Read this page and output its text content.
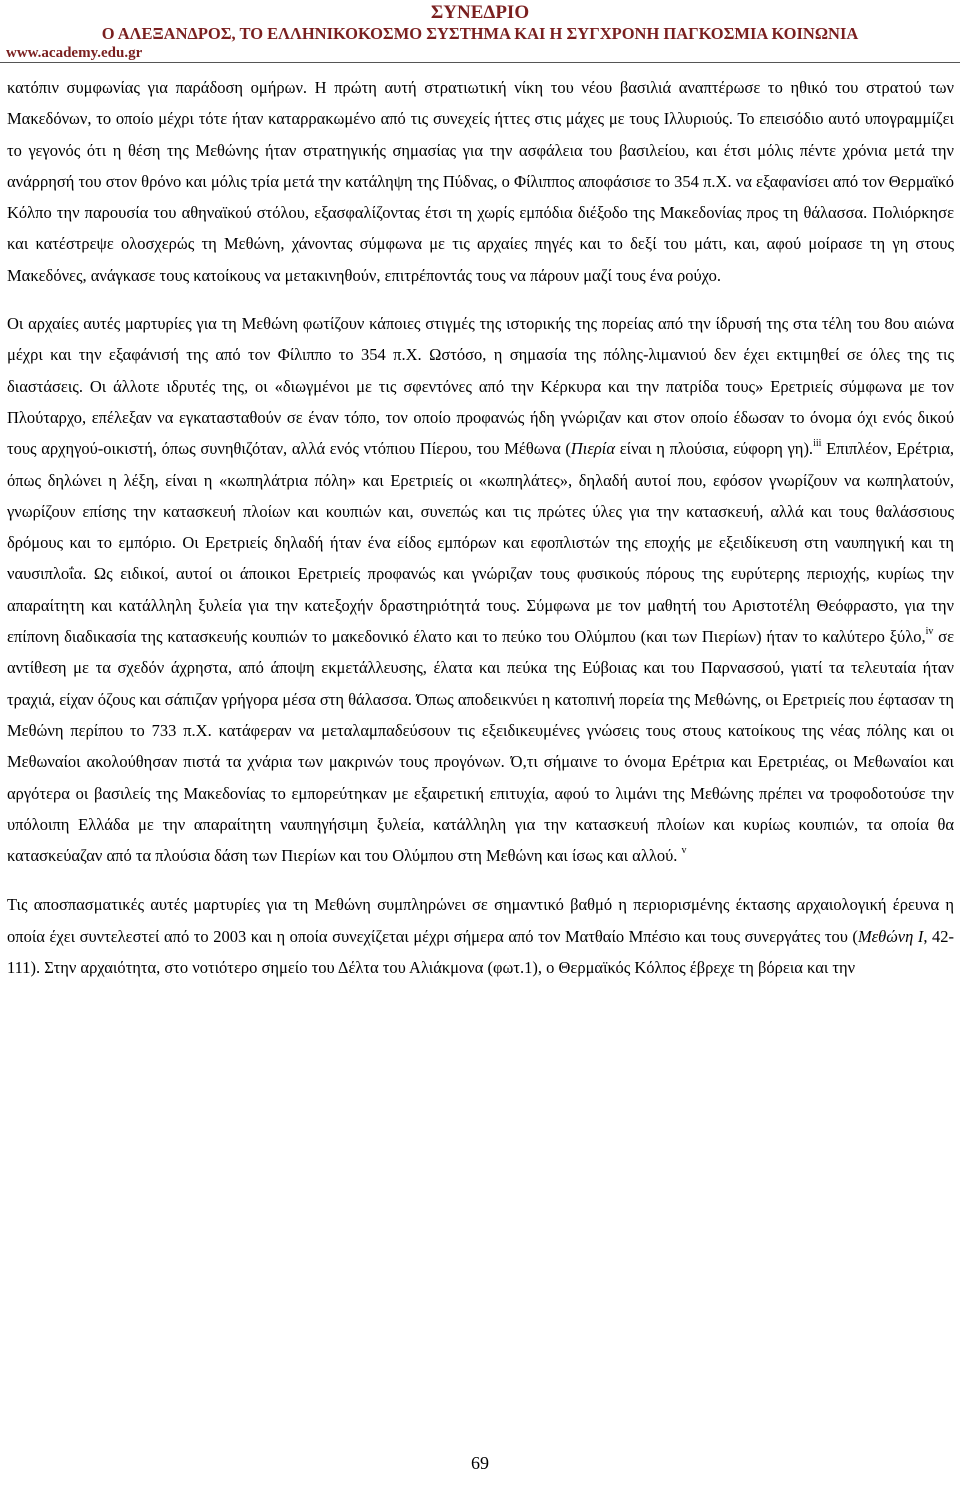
ΣΥΝΕΔΡΙΟ
Ο ΑΛΕΞΑΝΔΡΟΣ, ΤΟ ΕΛΛΗΝΙΚΟΚΟΣΜΟ ΣΥΣΤΗΜΑ ΚΑΙ Η ΣΥΓΧΡΟΝΗ ΠΑΓΚΟΣΜΙΑ ΚΟΙΝΩΝΙΑ
www.academy.edu.gr

κατόπιν συμφωνίας για παράδοση ομήρων. Η πρώτη αυτή στρατιωτική νίκη του νέου βασιλιά αναπτέρωσε το ηθικό του στρατού των Μακεδόνων, το οποίο μέχρι τότε ήταν καταρρακωμένο από τις συνεχείς ήττες στις μάχες με τους Ιλλυριούς. Το επεισόδιο αυτό υπογραμμίζει το γεγονός ότι η θέση της Μεθώνης ήταν στρατηγικής σημασίας για την ασφάλεια του βασιλείου, και έτσι μόλις πέντε χρόνια μετά την ανάρρησή του στον θρόνο και μόλις τρία μετά την κατάληψη της Πύδνας, ο Φίλιππος αποφάσισε το 354 π.Χ. να εξαφανίσει από τον Θερμαϊκό Κόλπο την παρουσία του αθηναϊκού στόλου, εξασφαλίζοντας έτσι τη χωρίς εμπόδια διέξοδο της Μακεδονίας προς τη θάλασσα. Πολιόρκησε και κατέστρεψε ολοσχερώς τη Μεθώνη, χάνοντας σύμφωνα με τις αρχαίες πηγές και το δεξί του μάτι, και, αφού μοίρασε τη γη στους Μακεδόνες, ανάγκασε τους κατοίκους να μετακινηθούν, επιτρέποντάς τους να πάρουν μαζί τους ένα ρούχο.

Οι αρχαίες αυτές μαρτυρίες για τη Μεθώνη φωτίζουν κάποιες στιγμές της ιστορικής της πορείας από την ίδρυσή της στα τέλη του 8ου αιώνα μέχρι και την εξαφάνισή της από τον Φίλιππο το 354 π.Χ. Ωστόσο, η σημασία της πόλης-λιμανιού δεν έχει εκτιμηθεί σε όλες της τις διαστάσεις. Οι άλλοτε ιδρυτές της, οι «διωγμένοι με τις σφεντόνες από την Κέρκυρα και την πατρίδα τους» Ερετριείς σύμφωνα με τον Πλούταρχο, επέλεξαν να εγκατασταθούν σε έναν τόπο, τον οποίο προφανώς ήδη γνώριζαν και στον οποίο έδωσαν το όνομα όχι ενός δικού τους αρχηγού-οικιστή, όπως συνηθιζόταν, αλλά ενός ντόπιου Πίερου, του Μέθωνα (Πιερία είναι η πλούσια, εύφορη γη).$^{iii}$ Επιπλέον, Ερέτρια, όπως δηλώνει η λέξη, είναι η «κωπηλάτρια πόλη» και Ερετριείς οι «κωπηλάτες», δηλαδή αυτοί που, εφόσον γνωρίζουν να κωπηλατούν, γνωρίζουν επίσης την κατασκευή πλοίων και κουπιών και, συνεπώς και τις πρώτες ύλες για την κατασκευή, αλλά και τους θαλάσσιους δρόμους και το εμπόριο. Οι Ερετριείς δηλαδή ήταν ένα είδος εμπόρων και εφοπλιστών της εποχής με εξειδίκευση στη ναυπηγική και τη ναυσιπλοΐα. Ως ειδικοί, αυτοί οι άποικοι Ερετριείς προφανώς και γνώριζαν τους φυσικούς πόρους της ευρύτερης περιοχής, κυρίως την απαραίτητη και κατάλληλη ξυλεία για την κατεξοχήν δραστηριότητά τους. Σύμφωνα με τον μαθητή του Αριστοτέλη Θεόφραστο, για την επίπονη διαδικασία της κατασκευής κουπιών το μακεδονικό έλατο και το πεύκο του Ολύμπου (και των Πιερίων) ήταν το καλύτερο ξύλο,$^{iv}$ σε αντίθεση με τα σχεδόν άχρηστα, από άποψη εκμετάλλευσης, έλατα και πεύκα της Εύβοιας και του Παρνασσού, γιατί τα τελευταία ήταν τραχιά, είχαν όζους και σάπιζαν γρήγορα μέσα στη θάλασσα. Όπως αποδεικνύει η κατοπινή πορεία της Μεθώνης, οι Ερετριείς που έφτασαν τη Μεθώνη περίπου το 733 π.Χ. κατάφεραν να μεταλαμπαδεύσουν τις εξειδικευμένες γνώσεις τους στους κατοίκους της νέας πόλης και οι Μεθωναίοι ακολούθησαν πιστά τα χνάρια των μακρινών τους προγόνων. Ό,τι σήμαινε το όνομα Ερέτρια και Ερετριέας, οι Μεθωναίοι και αργότερα οι βασιλείς της Μακεδονίας το εμπορεύτηκαν με εξαιρετική επιτυχία, αφού το λιμάνι της Μεθώνης πρέπει να τροφοδοτούσε την υπόλοιπη Ελλάδα με την απαραίτητη ναυπηγήσιμη ξυλεία, κατάλληλη για την κατασκευή πλοίων και κυρίως κουπιών, τα οποία θα κατασκεύαζαν από τα πλούσια δάση των Πιερίων και του Ολύμπου στη Μεθώνη και ίσως και αλλού. $^v$

Τις αποσπασματικές αυτές μαρτυρίες για τη Μεθώνη συμπληρώνει σε σημαντικό βαθμό η περιορισμένης έκτασης αρχαιολογική έρευνα η οποία έχει συντελεστεί από το 2003 και η οποία συνεχίζεται μέχρι σήμερα από τον Ματθαίο Μπέσιο και τους συνεργάτες του (Μεθώνη Ι, 42-111). Στην αρχαιότητα, στο νοτιότερο σημείο του Δέλτα του Αλιάκμονα (φωτ.1), ο Θερμαϊκός Κόλπος έβρεχε τη βόρεια και την

69
